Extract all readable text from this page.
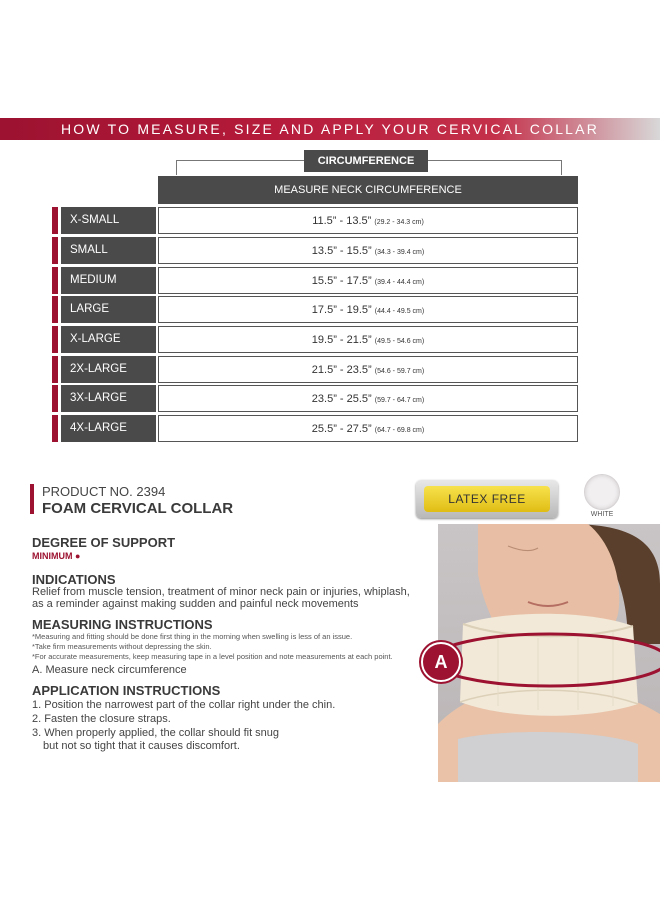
HOW TO MEASURE, SIZE AND APPLY YOUR CERVICAL COLLAR
CIRCUMFERENCE
MEASURE NECK CIRCUMFERENCE
X-SMALL	11.5” - 13.5” (29.2 - 34.3 cm)
SMALL	13.5” - 15.5” (34.3 - 39.4 cm)
MEDIUM	15.5” - 17.5” (39.4 - 44.4 cm)
LARGE	17.5” - 19.5” (44.4 - 49.5 cm)
X-LARGE	19.5” - 21.5” (49.5 - 54.6 cm)
2X-LARGE	21.5” - 23.5” (54.6 - 59.7 cm)
3X-LARGE	23.5” - 25.5” (59.7 - 64.7 cm)
4X-LARGE	25.5” - 27.5” (64.7 - 69.8 cm)
PRODUCT NO. 2394
FOAM CERVICAL COLLAR
LATEX FREE
WHITE
DEGREE OF SUPPORT
MINIMUM ●
INDICATIONS
Relief from muscle tension, treatment of minor neck pain or injuries, whiplash,
as a reminder against making sudden and painful neck movements
MEASURING INSTRUCTIONS
*Measuring and fitting should be done first thing in the morning when swelling is less of an issue.
*Take firm measurements without depressing the skin.
*For accurate measurements, keep measuring tape in a level position and note measurements at each point.
A. Measure neck circumference
APPLICATION INSTRUCTIONS
1. Position the narrowest part of the collar right under the chin.
2. Fasten the closure straps.
3. When properly applied, the collar should fit snug
but not so tight that it causes discomfort.
A
